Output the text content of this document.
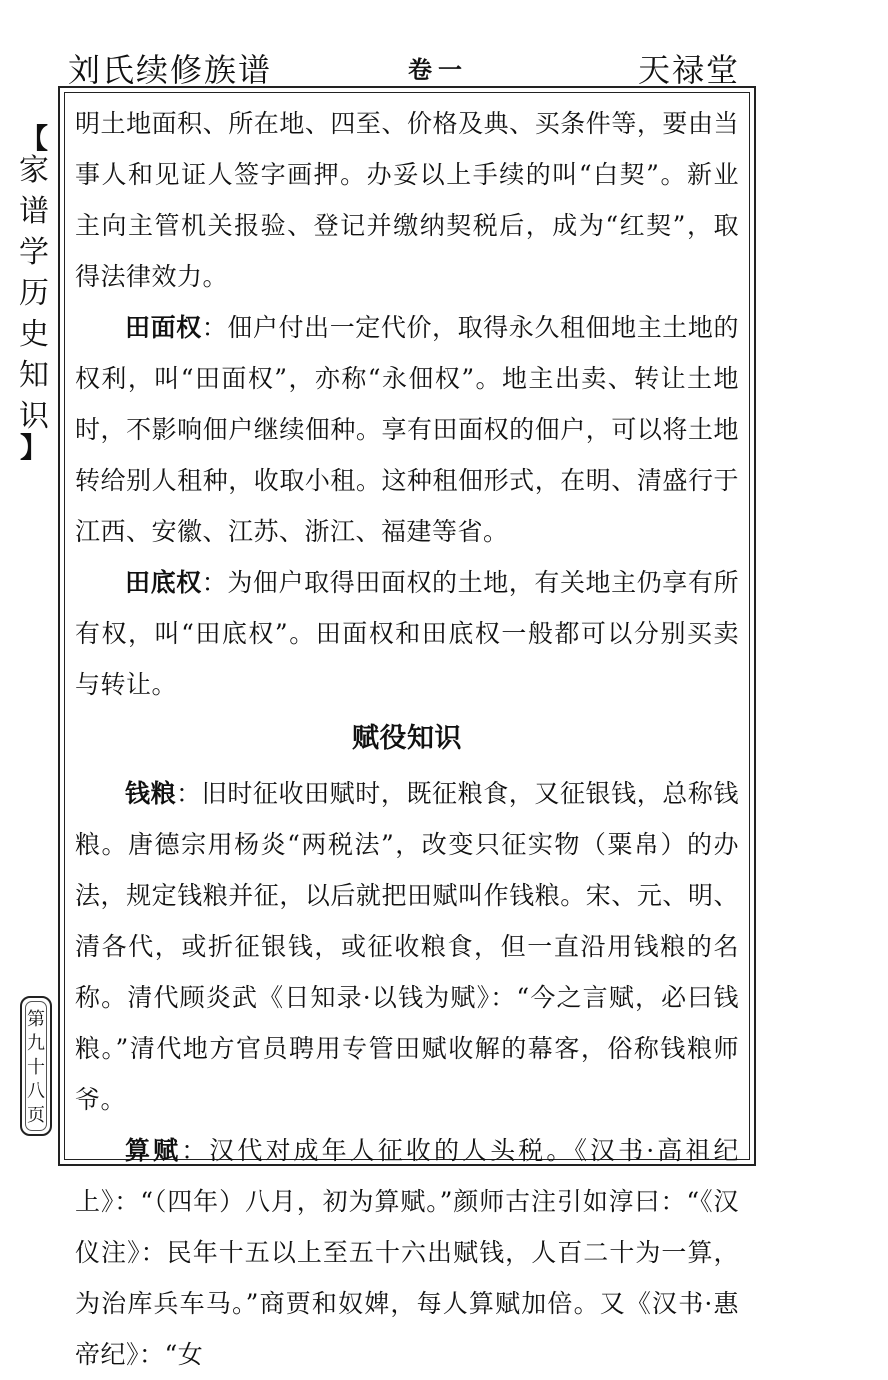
刘氏续修族谱	卷一	天禄堂
【
家
谱
学
历
史
知
识
】
第
九
十
八
页

明土地面积、所在地、四至、价格及典、买条件等，要由当事人和见证人签字画押。办妥以上手续的叫“白契”。新业主向主管机关报验、登记并缴纳契税后，成为“红契”，取得法律效力。

田面权：佃户付出一定代价，取得永久租佃地主土地的权利，叫“田面权”，亦称“永佃权”。地主出卖、转让土地时，不影响佃户继续佃种。享有田面权的佃户，可以将土地转给别人租种，收取小租。这种租佃形式，在明、清盛行于江西、安徽、江苏、浙江、福建等省。

田底权：为佃户取得田面权的土地，有关地主仍享有所有权，叫“田底权”。田面权和田底权一般都可以分别买卖与转让。

赋役知识

钱粮：旧时征收田赋时，既征粮食，又征银钱，总称钱粮。唐德宗用杨炎“两税法”，改变只征实物（粟帛）的办法，规定钱粮并征，以后就把田赋叫作钱粮。宋、元、明、清各代，或折征银钱，或征收粮食，但一直沿用钱粮的名称。清代顾炎武《日知录·以钱为赋》：“今之言赋，必曰钱粮。”清代地方官员聘用专管田赋收解的幕客，俗称钱粮师爷。

算赋：汉代对成年人征收的人头税。《汉书·高祖纪上》：“（四年）八月，初为算赋。”颜师古注引如淳曰：“《汉仪注》：民年十五以上至五十六出赋钱，人百二十为一算，为治库兵车马。”商贾和奴婢，每人算赋加倍。又《汉书·惠帝纪》：“女
